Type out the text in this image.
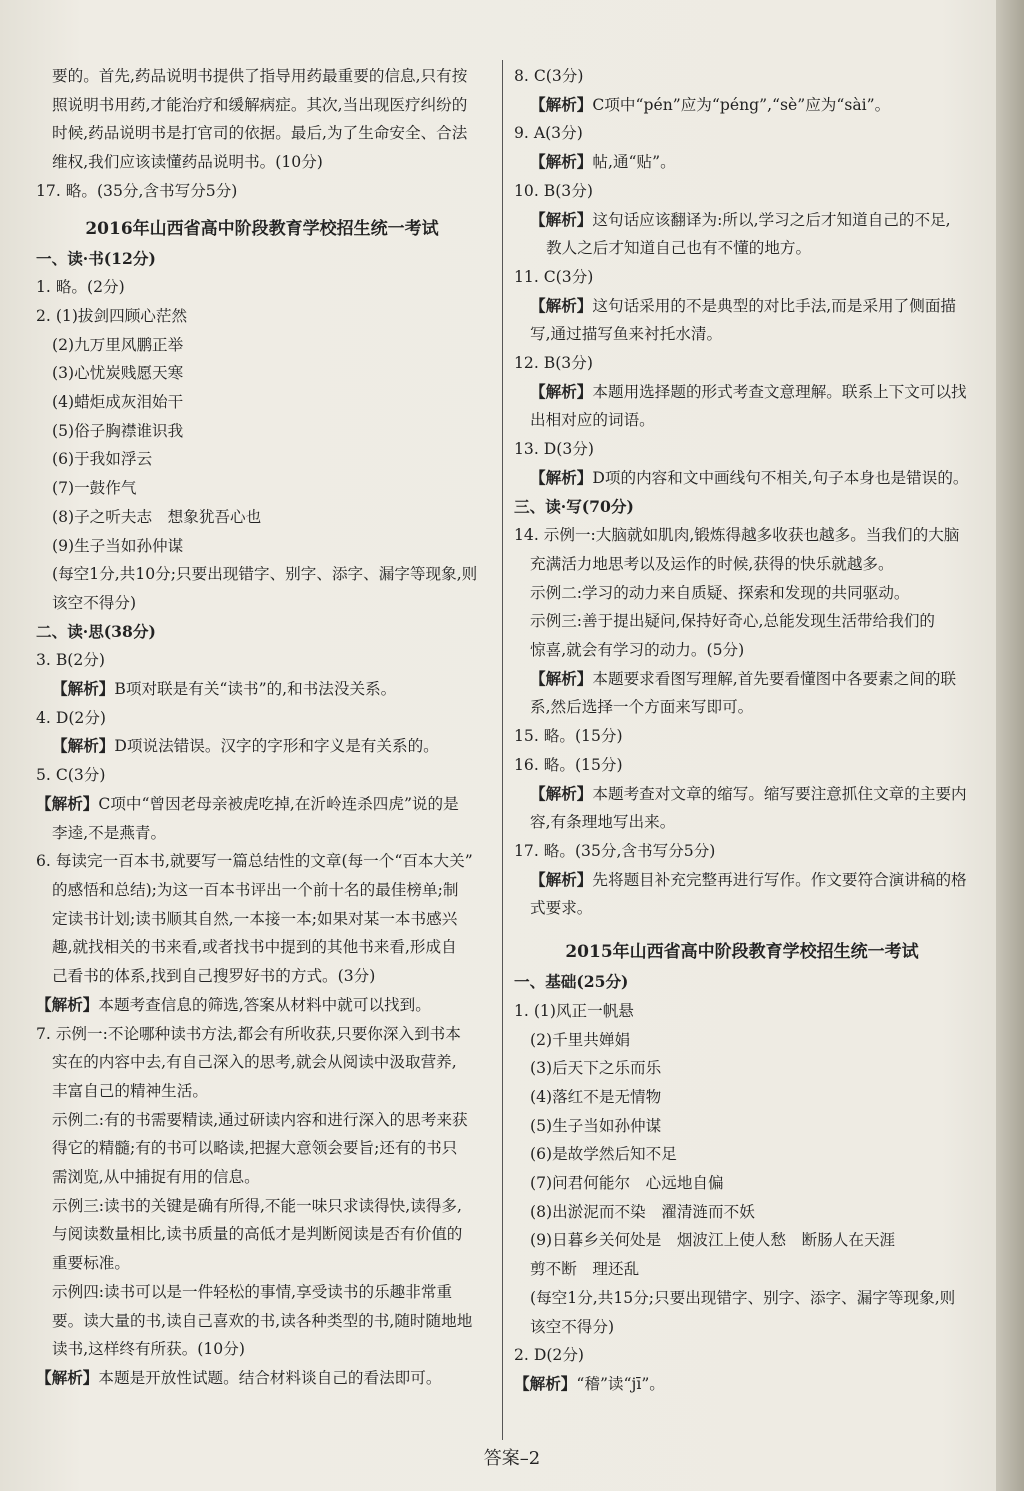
要的。首先,药品说明书提供了指导用药最重要的信息,只有按
照说明书用药,才能治疗和缓解病症。其次,当出现医疗纠纷的
时候,药品说明书是打官司的依据。最后,为了生命安全、合法
维权,我们应该读懂药品说明书。(10分)
17. 略。(35分,含书写分5分)
2016年山西省高中阶段教育学校招生统一考试
一、读·书(12分)
1. 略。(2分)
2. (1)拔剑四顾心茫然
(2)九万里风鹏正举
(3)心忧炭贱愿天寒
(4)蜡炬成灰泪始干
(5)俗子胸襟谁识我
(6)于我如浮云
(7)一鼓作气
(8)子之听夫志　想象犹吾心也
(9)生子当如孙仲谋
(每空1分,共10分;只要出现错字、别字、添字、漏字等现象,则
该空不得分)
二、读·思(38分)
3. B(2分)
【解析】B项对联是有关“读书”的,和书法没关系。
4. D(2分)
【解析】D项说法错误。汉字的字形和字义是有关系的。
5. C(3分)
【解析】C项中“曾因老母亲被虎吃掉,在沂岭连杀四虎”说的是
李逵,不是燕青。
6. 每读完一百本书,就要写一篇总结性的文章(每一个“百本大关”
的感悟和总结);为这一百本书评出一个前十名的最佳榜单;制
定读书计划;读书顺其自然,一本接一本;如果对某一本书感兴
趣,就找相关的书来看,或者找书中提到的其他书来看,形成自
己看书的体系,找到自己搜罗好书的方式。(3分)
【解析】本题考查信息的筛选,答案从材料中就可以找到。
7. 示例一:不论哪种读书方法,都会有所收获,只要你深入到书本
实在的内容中去,有自己深入的思考,就会从阅读中汲取营养,
丰富自己的精神生活。
示例二:有的书需要精读,通过研读内容和进行深入的思考来获
得它的精髓;有的书可以略读,把握大意领会要旨;还有的书只
需浏览,从中捕捉有用的信息。
示例三:读书的关键是确有所得,不能一味只求读得快,读得多,
与阅读数量相比,读书质量的高低才是判断阅读是否有价值的
重要标准。
示例四:读书可以是一件轻松的事情,享受读书的乐趣非常重
要。读大量的书,读自己喜欢的书,读各种类型的书,随时随地地
读书,这样终有所获。(10分)
【解析】本题是开放性试题。结合材料谈自己的看法即可。
8. C(3分)
【解析】C项中“pén”应为“péng”,“sè”应为“sài”。
9. A(3分)
【解析】帖,通“贴”。
10. B(3分)
【解析】这句话应该翻译为:所以,学习之后才知道自己的不足,
教人之后才知道自己也有不懂的地方。
11. C(3分)
【解析】这句话采用的不是典型的对比手法,而是采用了侧面描
写,通过描写鱼来衬托水清。
12. B(3分)
【解析】本题用选择题的形式考查文意理解。联系上下文可以找
出相对应的词语。
13. D(3分)
【解析】D项的内容和文中画线句不相关,句子本身也是错误的。
三、读·写(70分)
14. 示例一:大脑就如肌肉,锻炼得越多收获也越多。当我们的大脑
充满活力地思考以及运作的时候,获得的快乐就越多。
示例二:学习的动力来自质疑、探索和发现的共同驱动。
示例三:善于提出疑问,保持好奇心,总能发现生活带给我们的
惊喜,就会有学习的动力。(5分)
【解析】本题要求看图写理解,首先要看懂图中各要素之间的联
系,然后选择一个方面来写即可。
15. 略。(15分)
16. 略。(15分)
【解析】本题考查对文章的缩写。缩写要注意抓住文章的主要内
容,有条理地写出来。
17. 略。(35分,含书写分5分)
【解析】先将题目补充完整再进行写作。作文要符合演讲稿的格
式要求。
2015年山西省高中阶段教育学校招生统一考试
一、基础(25分)
1. (1)风正一帆悬
(2)千里共婵娟
(3)后天下之乐而乐
(4)落红不是无情物
(5)生子当如孙仲谋
(6)是故学然后知不足
(7)问君何能尔　心远地自偏
(8)出淤泥而不染　濯清涟而不妖
(9)日暮乡关何处是　烟波江上使人愁　断肠人在天涯
剪不断　理还乱
(每空1分,共15分;只要出现错字、别字、添字、漏字等现象,则
该空不得分)
2. D(2分)
【解析】“稽”读“jī”。
答案–2
